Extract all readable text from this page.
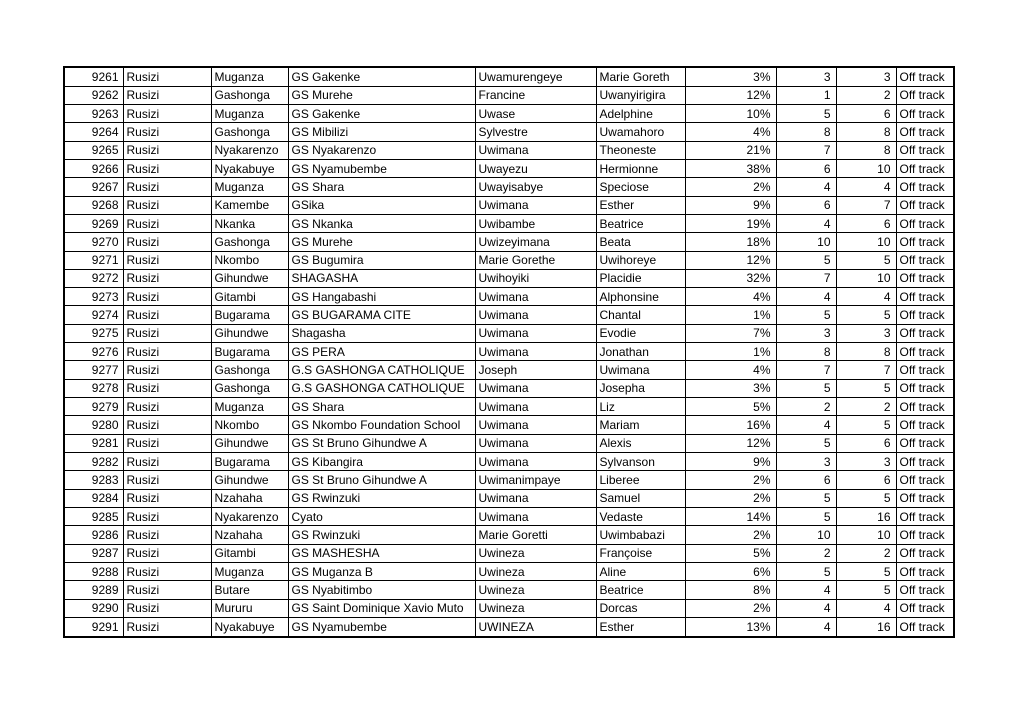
9261	Rusizi	Muganza	GS Gakenke	Uwamurengeye	Marie Goreth	3%	3	3	Off track
9262	Rusizi	Gashonga	GS Murehe	Francine	Uwanyirigira	12%	1	2	Off track
9263	Rusizi	Muganza	GS Gakenke	Uwase	Adelphine	10%	5	6	Off track
9264	Rusizi	Gashonga	GS Mibilizi	Sylvestre	Uwamahoro	4%	8	8	Off track
9265	Rusizi	Nyakarenzo	GS Nyakarenzo	Uwimana	Theoneste	21%	7	8	Off track
9266	Rusizi	Nyakabuye	GS Nyamubembe	Uwayezu	Hermionne	38%	6	10	Off track
9267	Rusizi	Muganza	GS Shara	Uwayisabye	Speciose	2%	4	4	Off track
9268	Rusizi	Kamembe	GSika	Uwimana	Esther	9%	6	7	Off track
9269	Rusizi	Nkanka	GS Nkanka	Uwibambe	Beatrice	19%	4	6	Off track
9270	Rusizi	Gashonga	GS Murehe	Uwizeyimana	Beata	18%	10	10	Off track
9271	Rusizi	Nkombo	GS Bugumira	Marie Gorethe	Uwihoreye	12%	5	5	Off track
9272	Rusizi	Gihundwe	SHAGASHA	Uwihoyiki	Placidie	32%	7	10	Off track
9273	Rusizi	Gitambi	GS Hangabashi	Uwimana	Alphonsine	4%	4	4	Off track
9274	Rusizi	Bugarama	GS BUGARAMA CITE	Uwimana	Chantal	1%	5	5	Off track
9275	Rusizi	Gihundwe	Shagasha	Uwimana	Evodie	7%	3	3	Off track
9276	Rusizi	Bugarama	GS PERA	Uwimana	Jonathan	1%	8	8	Off track
9277	Rusizi	Gashonga	G.S GASHONGA CATHOLIQUE	Joseph	Uwimana	4%	7	7	Off track
9278	Rusizi	Gashonga	G.S GASHONGA CATHOLIQUE	Uwimana	Josepha	3%	5	5	Off track
9279	Rusizi	Muganza	GS Shara	Uwimana	Liz	5%	2	2	Off track
9280	Rusizi	Nkombo	GS Nkombo Foundation School	Uwimana	Mariam	16%	4	5	Off track
9281	Rusizi	Gihundwe	GS St Bruno Gihundwe A	Uwimana	Alexis	12%	5	6	Off track
9282	Rusizi	Bugarama	GS Kibangira	Uwimana	Sylvanson	9%	3	3	Off track
9283	Rusizi	Gihundwe	GS St Bruno Gihundwe A	Uwimanimpaye	Liberee	2%	6	6	Off track
9284	Rusizi	Nzahaha	GS Rwinzuki	Uwimana	Samuel	2%	5	5	Off track
9285	Rusizi	Nyakarenzo	Cyato	Uwimana	Vedaste	14%	5	16	Off track
9286	Rusizi	Nzahaha	GS Rwinzuki	Marie Goretti	Uwimbabazi	2%	10	10	Off track
9287	Rusizi	Gitambi	GS MASHESHA	Uwineza	Françoise	5%	2	2	Off track
9288	Rusizi	Muganza	GS Muganza B	Uwineza	Aline	6%	5	5	Off track
9289	Rusizi	Butare	GS Nyabitimbo	Uwineza	Beatrice	8%	4	5	Off track
9290	Rusizi	Mururu	GS Saint Dominique Xavio Muto	Uwineza	Dorcas	2%	4	4	Off track
9291	Rusizi	Nyakabuye	GS Nyamubembe	UWINEZA	Esther	13%	4	16	Off track
